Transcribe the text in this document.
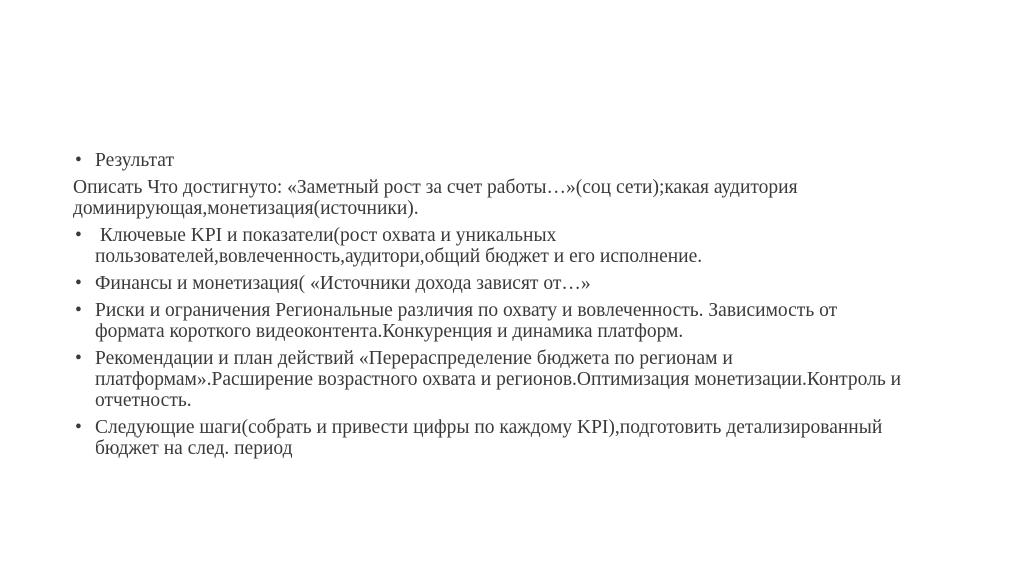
• Результат
Описать Что достигнуто: «Заметный рост за счет работы…»(соц сети);какая аудитория доминирующая,монетизация(источники).
• Ключевые KPI и показатели(рост охвата и уникальных пользователей,вовлеченность,аудитори,общий бюджет и его исполнение.
• Финансы и монетизация( «Источники дохода зависят от…»
• Риски и ограничения Региональные различия по охвату и вовлеченность. Зависимость от формата короткого видеоконтента.Конкуренция и динамика платформ.
• Рекомендации и план действий «Перераспределение бюджета по регионам и платформам».Расширение возрастного охвата и регионов.Оптимизация монетизации.Контроль и отчетность.
• Следующие шаги(собрать и привести цифры по каждому KPI),подготовить детализированный бюджет на след. период
